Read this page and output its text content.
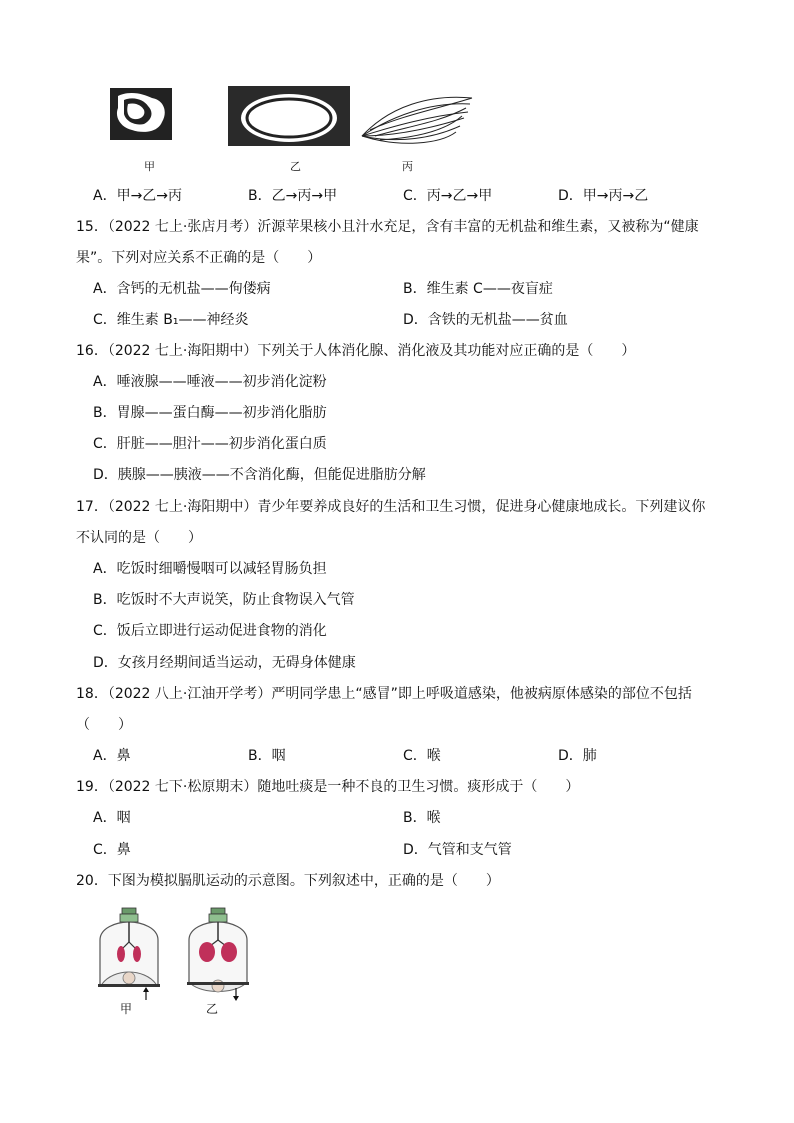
甲	乙	丙
A．甲→乙→丙	B．乙→丙→甲	C．丙→乙→甲	D．甲→丙→乙
15．（2022 七上·张店月考）沂源苹果核小且汁水充足，含有丰富的无机盐和维生素，又被称为“健康
果”。下列对应关系不正确的是（　　）
A．含钙的无机盐——佝偻病	B．维生素 C——夜盲症
C．维生素 B₁——神经炎	D．含铁的无机盐——贫血
16．（2022 七上·海阳期中）下列关于人体消化腺、消化液及其功能对应正确的是（　　）
A．唾液腺——唾液——初步消化淀粉
B．胃腺——蛋白酶——初步消化脂肪
C．肝脏——胆汁——初步消化蛋白质
D．胰腺——胰液——不含消化酶，但能促进脂肪分解
17．（2022 七上·海阳期中）青少年要养成良好的生活和卫生习惯，促进身心健康地成长。下列建议你
不认同的是（　　）
A．吃饭时细嚼慢咽可以减轻胃肠负担
B．吃饭时不大声说笑，防止食物误入气管
C．饭后立即进行运动促进食物的消化
D．女孩月经期间适当运动，无碍身体健康
18．（2022 八上·江油开学考）严明同学患上“感冒”即上呼吸道感染，他被病原体感染的部位不包括
（　　）
A．鼻	B．咽	C．喉	D．肺
19．（2022 七下·松原期末）随地吐痰是一种不良的卫生习惯。痰形成于（　　）
A．咽	B．喉
C．鼻	D．气管和支气管
20．下图为模拟膈肌运动的示意图。下列叙述中，正确的是（　　）
甲	乙
